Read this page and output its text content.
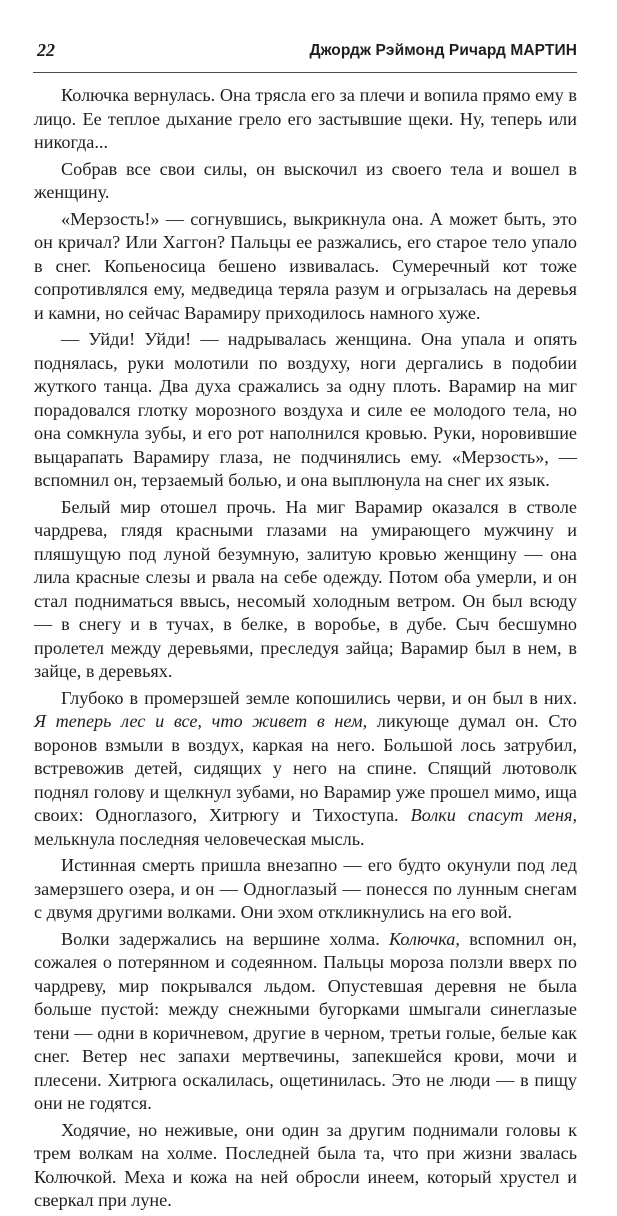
22	Джордж Рэймонд Ричард МАРТИН

Колючка вернулась. Она трясла его за плечи и вопила прямо ему в лицо. Ее теплое дыхание грело его застывшие щеки. Ну, теперь или никогда...

Собрав все свои силы, он выскочил из своего тела и вошел в женщину.

«Мерзость!» — согнувшись, выкрикнула она. А может быть, это он кричал? Или Хаггон? Пальцы ее разжались, его старое тело упало в снег. Копьеносица бешено извивалась. Сумеречный кот тоже сопротивлялся ему, медведица теряла разум и огрызалась на деревья и камни, но сейчас Варамиру приходилось намного хуже.

— Уйди! Уйди! — надрывалась женщина. Она упала и опять поднялась, руки молотили по воздуху, ноги дергались в подобии жуткого танца. Два духа сражались за одну плоть. Варамир на миг порадовался глотку морозного воздуха и силе ее молодого тела, но она сомкнула зубы, и его рот наполнился кровью. Руки, норовившие выцарапать Варамиру глаза, не подчинялись ему. «Мерзость», — вспомнил он, терзаемый болью, и она выплюнула на снег их язык.

Белый мир отошел прочь. На миг Варамир оказался в стволе чардрева, глядя красными глазами на умирающего мужчину и пляшущую под луной безумную, залитую кровью женщину — она лила красные слезы и рвала на себе одежду. Потом оба умерли, и он стал подниматься ввысь, несомый холодным ветром. Он был всюду — в снегу и в тучах, в белке, в воробье, в дубе. Сыч бесшумно пролетел между деревьями, преследуя зайца; Варамир был в нем, в зайце, в деревьях.

Глубоко в промерзшей земле копошились черви, и он был в них. Я теперь лес и все, что живет в нем, ликующе думал он. Сто воронов взмыли в воздух, каркая на него. Большой лось затрубил, встревожив детей, сидящих у него на спине. Спящий лютоволк поднял голову и щелкнул зубами, но Варамир уже прошел мимо, ища своих: Одноглазого, Хитрюгу и Тихоступа. Волки спасут меня, мелькнула последняя человеческая мысль.

Истинная смерть пришла внезапно — его будто окунули под лед замерзшего озера, и он — Одноглазый — понесся по лунным снегам с двумя другими волками. Они эхом откликнулись на его вой.

Волки задержались на вершине холма. Колючка, вспомнил он, сожалея о потерянном и содеянном. Пальцы мороза ползли вверх по чардреву, мир покрывался льдом. Опустевшая деревня не была больше пустой: между снежными бугорками шмыгали синеглазые тени — одни в коричневом, другие в черном, третьи голые, белые как снег. Ветер нес запахи мертвечины, запекшейся крови, мочи и плесени. Хитрюга оскалилась, ощетинилась. Это не люди — в пищу они не годятся.

Ходячие, но неживые, они один за другим поднимали головы к трем волкам на холме. Последней была та, что при жизни звалась Колючкой. Меха и кожа на ней обросли инеем, который хрустел и сверкал при луне.
